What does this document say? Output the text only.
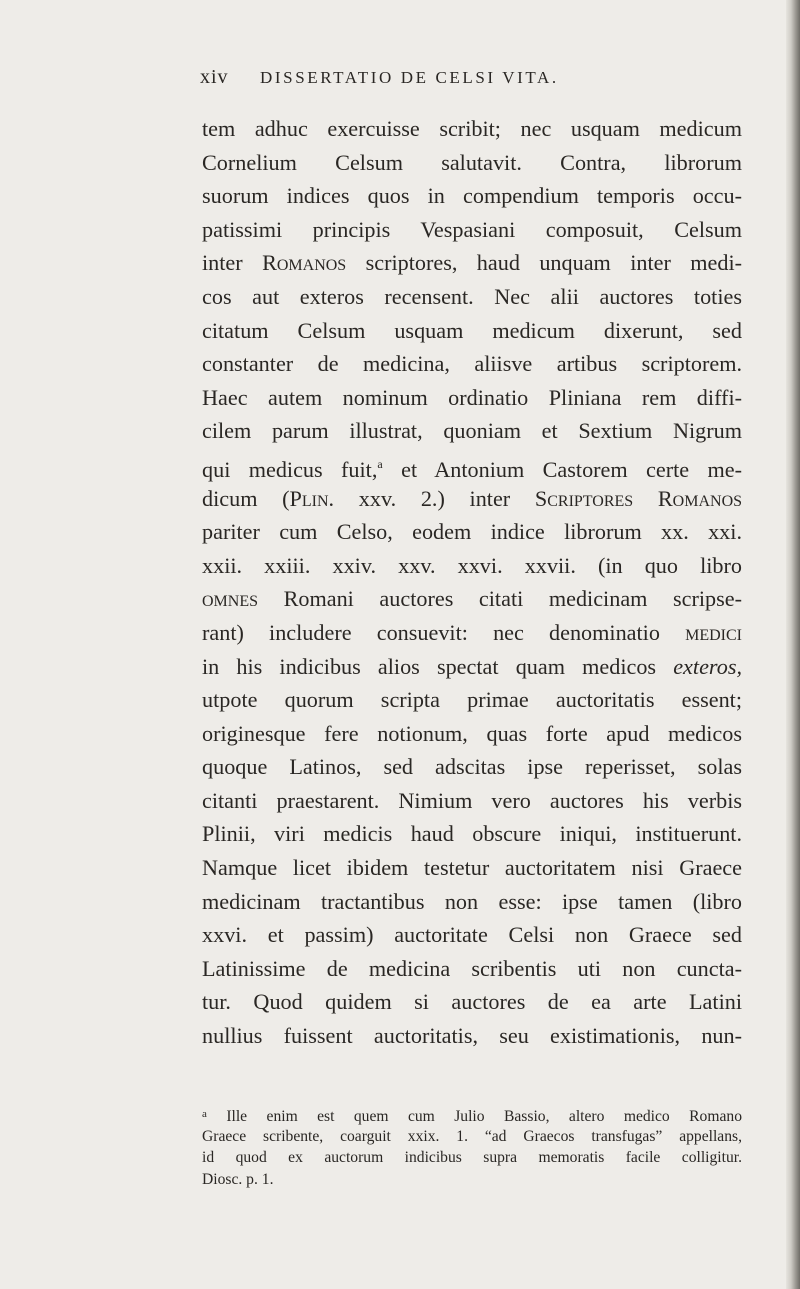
xiv DISSERTATIO DE CELSI VITA.
tem adhuc exercuisse scribit; nec usquam medicum
Cornelium Celsum salutavit. Contra, librorum
suorum indices quos in compendium temporis occu-
patissimi principis Vespasiani composuit, Celsum
inter Romanos scriptores, haud unquam inter medi-
cos aut exteros recensent. Nec alii auctores toties
citatum Celsum usquam medicum dixerunt, sed
constanter de medicina, aliisve artibus scriptorem.
Haec autem nominum ordinatio Pliniana rem diffi-
cilem parum illustrat, quoniam et Sextium Nigrum
qui medicus fuit,$^a$ et Antonium Castorem certe me-
dicum (Plin. xxv. 2.) inter Scriptores Romanos
pariter cum Celso, eodem indice librorum xx. xxi.
xxii. xxiii. xxiv. xxv. xxvi. xxvii. (in quo libro
omnes Romani auctores citati medicinam scripse-
rant) includere consuevit: nec denominatio medici
in his indicibus alios spectat quam medicos exteros,
utpote quorum scripta primae auctoritatis essent;
originesque fere notionum, quas forte apud medicos
quoque Latinos, sed adscitas ipse reperisset, solas
citanti praestarent. Nimium vero auctores his verbis
Plinii, viri medicis haud obscure iniqui, instituerunt.
Namque licet ibidem testetur auctoritatem nisi Graece
medicinam tractantibus non esse: ipse tamen (libro
xxvi. et passim) auctoritate Celsi non Graece sed
Latinissime de medicina scribentis uti non cuncta-
tur. Quod quidem si auctores de ea arte Latini
nullius fuissent auctoritatis, seu existimationis, nun-
$^a$ Ille enim est quem cum Julio Bassio, altero medico Romano
Graece scribente, coarguit xxix. 1. “ad Graecos transfugas” appellans,
id quod ex auctorum indicibus supra memoratis facile colligitur.
Diosc. p. 1.
